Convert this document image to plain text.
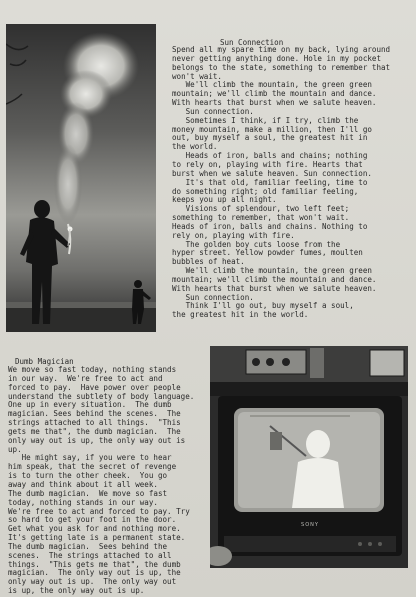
Sun Connection
Spend all my spare time on my back, lying around
never getting anything done. Hole in my pocket
belongs to the state, something to remember that
won't wait.
We'll climb the mountain, the green green
mountain; we'll climb the mountain and dance.
With hearts that burst when we salute heaven.
Sun connection.
Sometimes I think, if I try, climb the
money mountain, make a million, then I'll go
out, buy myself a soul, the greatest hit in
the world.
Heads of iron, balls and chains; nothing
to rely on, playing with fire. Hearts that
burst when we salute heaven. Sun connection.
It's that old, familiar feeling, time to
do something right; old familiar feeling,
keeps you up all night.
Visions of splendour, two left feet;
something to remember, that won't wait.
Heads of iron, balls and chains. Nothing to
rely on, playing with fire.
The golden boy cuts loose from the
hyper street. Yellow powder fumes, moulten
bubbles of heat.
We'll climb the mountain, the green green
mountain; we'll climb the mountain and dance.
With hearts that burst when we salute heaven.
Sun connection.
Think I'll go out, buy myself a soul,
the greatest hit in the world.
Dumb Magician
We move so fast today, nothing stands
in our way.  We're free to act and
forced to pay.  Have power over people
understand the subtlety of body language.
One up in every situation.  The dumb
magician. Sees behind the scenes.  The
strings attached to all things.  "This
gets me that", the dumb magician.  The
only way out is up, the only way out is
up.
He might say, if you were to hear
him speak, that the secret of revenge
is to turn the other cheek.  You go
away and think about it all week.
The dumb magician.  We move so fast
today, nothing stands in our way.
We're free to act and forced to pay. Try
so hard to get your foot in the door.
Get what you ask for and nothing more.
It's getting late is a permanent state.
The dumb magician.  Sees behind the
scenes.  The strings attached to all
things.  "This gets me that", the dumb
magician.  The only way out is up, the
only way out is up.  The only way out
is up, the only way out is up.
SONY
